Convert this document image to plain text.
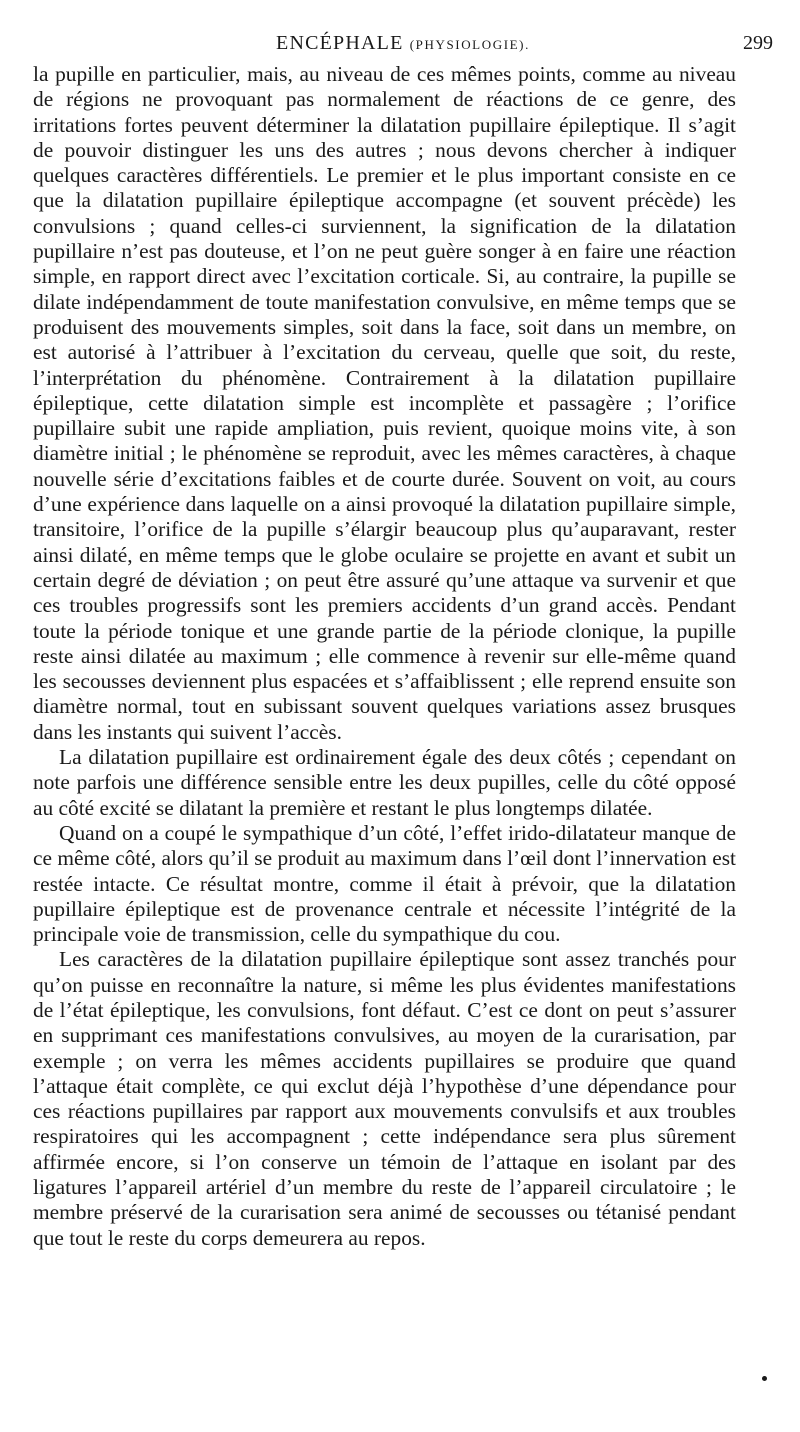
ENCÉPHALE (PHYSIOLOGIE).	299

la pupille en particulier, mais, au niveau de ces mêmes points, comme au niveau de régions ne provoquant pas normalement de réactions de ce genre, des irritations fortes peuvent déterminer la dilatation pupillaire épileptique. Il s’agit de pouvoir distinguer les uns des autres ; nous devons chercher à indiquer quelques caractères différentiels. Le premier et le plus important consiste en ce que la dilatation pupillaire épileptique accompagne (et souvent précède) les convulsions ; quand celles-ci surviennent, la signification de la dilatation pupillaire n’est pas douteuse, et l’on ne peut guère songer à en faire une réaction simple, en rapport direct avec l’excitation corticale. Si, au contraire, la pupille se dilate indépendamment de toute manifestation convulsive, en même temps que se produisent des mouvements simples, soit dans la face, soit dans un membre, on est autorisé à l’attribuer à l’excitation du cerveau, quelle que soit, du reste, l’interprétation du phénomène. Contrairement à la dilatation pupillaire épileptique, cette dilatation simple est incomplète et passagère ; l’orifice pupillaire subit une rapide ampliation, puis revient, quoique moins vite, à son diamètre initial ; le phénomène se reproduit, avec les mêmes caractères, à chaque nouvelle série d’excitations faibles et de courte durée. Souvent on voit, au cours d’une expérience dans laquelle on a ainsi provoqué la dilatation pupillaire simple, transitoire, l’orifice de la pupille s’élargir beaucoup plus qu’auparavant, rester ainsi dilaté, en même temps que le globe oculaire se projette en avant et subit un certain degré de déviation ; on peut être assuré qu’une attaque va survenir et que ces troubles progressifs sont les premiers accidents d’un grand accès. Pendant toute la période tonique et une grande partie de la période clonique, la pupille reste ainsi dilatée au maximum ; elle commence à revenir sur elle-même quand les secousses deviennent plus espacées et s’affaiblissent ; elle reprend ensuite son diamètre normal, tout en subissant souvent quelques variations assez brusques dans les instants qui suivent l’accès.

La dilatation pupillaire est ordinairement égale des deux côtés ; cependant on note parfois une différence sensible entre les deux pupilles, celle du côté opposé au côté excité se dilatant la première et restant le plus longtemps dilatée.

Quand on a coupé le sympathique d’un côté, l’effet irido-dilatateur manque de ce même côté, alors qu’il se produit au maximum dans l’œil dont l’innervation est restée intacte. Ce résultat montre, comme il était à prévoir, que la dilatation pupillaire épileptique est de provenance centrale et nécessite l’intégrité de la principale voie de transmission, celle du sympathique du cou.

Les caractères de la dilatation pupillaire épileptique sont assez tranchés pour qu’on puisse en reconnaître la nature, si même les plus évidentes manifestations de l’état épileptique, les convulsions, font défaut. C’est ce dont on peut s’assurer en supprimant ces manifestations convulsives, au moyen de la curarisation, par exemple ; on verra les mêmes accidents pupillaires se produire que quand l’attaque était complète, ce qui exclut déjà l’hypothèse d’une dépendance pour ces réactions pupillaires par rapport aux mouvements convulsifs et aux troubles respiratoires qui les accompagnent ; cette indépendance sera plus sûrement affirmée encore, si l’on conserve un témoin de l’attaque en isolant par des ligatures l’appareil artériel d’un membre du reste de l’appareil circulatoire ; le membre préservé de la curarisation sera animé de secousses ou tétanisé pendant que tout le reste du corps demeurera au repos.
